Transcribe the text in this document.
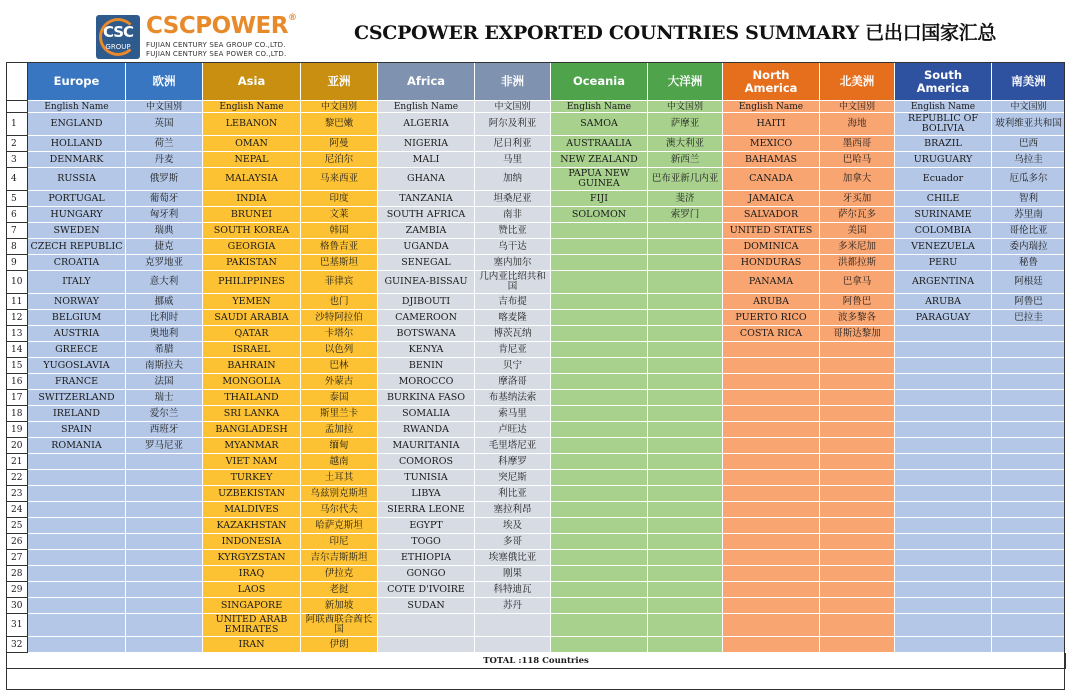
CSC
GROUP
CSCPOWER®
FUJIAN CENTURY SEA GROUP CO.,LTD.
FUJIAN CENTURY SEA POWER CO.,LTD.
CSCPOWER EXPORTED COUNTRIES SUMMARY 已出口国家汇总
	Europe	欧洲	Asia	亚洲	Africa	非洲	Oceania	大洋洲	North America	北美洲	South America	南美洲
	English Name	中文国别	English Name	中文国别	English Name	中文国别	English Name	中文国别	English Name	中文国别	English Name	中文国别
1	ENGLAND	英国	LEBANON	黎巴嫩	ALGERIA	阿尔及利亚	SAMOA	萨摩亚	HAITI	海地	REPUBLIC OF BOLIVIA	玻利维亚共和国
2	HOLLAND	荷兰	OMAN	阿曼	NIGERIA	尼日利亚	AUSTRAALIA	澳大利亚	MEXICO	墨西哥	BRAZIL	巴西
3	DENMARK	丹麦	NEPAL	尼泊尔	MALI	马里	NEW ZEALAND	新西兰	BAHAMAS	巴哈马	URUGUARY	乌拉圭
4	RUSSIA	俄罗斯	MALAYSIA	马来西亚	GHANA	加纳	PAPUA NEW GUINEA	巴布亚新几内亚	CANADA	加拿大	Ecuador	厄瓜多尔
5	PORTUGAL	葡萄牙	INDIA	印度	TANZANIA	坦桑尼亚	FIJI	斐济	JAMAICA	牙买加	CHILE	智利
6	HUNGARY	匈牙利	BRUNEI	文莱	SOUTH AFRICA	南非	SOLOMON	索罗门	SALVADOR	萨尔瓦多	SURINAME	苏里南
7	SWEDEN	瑞典	SOUTH KOREA	韩国	ZAMBIA	赞比亚			UNITED STATES	美国	COLOMBIA	哥伦比亚
8	CZECH REPUBLIC	捷克	GEORGIA	格鲁吉亚	UGANDA	乌干达			DOMINICA	多米尼加	VENEZUELA	委内瑞拉
9	CROATIA	克罗地亚	PAKISTAN	巴基斯坦	SENEGAL	塞内加尔			HONDURAS	洪都拉斯	PERU	秘鲁
10	ITALY	意大利	PHILIPPINES	菲律宾	GUINEA-BISSAU	几内亚比绍共和国			PANAMA	巴拿马	ARGENTINA	阿根廷
11	NORWAY	挪威	YEMEN	也门	DJIBOUTI	吉布提			ARUBA	阿鲁巴	ARUBA	阿鲁巴
12	BELGIUM	比利时	SAUDI ARABIA	沙特阿拉伯	CAMEROON	喀麦隆			PUERTO RICO	波多黎各	PARAGUAY	巴拉圭
13	AUSTRIA	奥地利	QATAR	卡塔尔	BOTSWANA	博茨瓦纳			COSTA RICA	哥斯达黎加		
14	GREECE	希腊	ISRAEL	以色列	KENYA	肯尼亚						
15	YUGOSLAVIA	南斯拉夫	BAHRAIN	巴林	BENIN	贝宁						
16	FRANCE	法国	MONGOLIA	外蒙古	MOROCCO	摩洛哥						
17	SWITZERLAND	瑞士	THAILAND	泰国	BURKINA FASO	布基纳法索						
18	IRELAND	爱尔兰	SRI LANKA	斯里兰卡	SOMALIA	索马里						
19	SPAIN	西班牙	BANGLADESH	孟加拉	RWANDA	卢旺达						
20	ROMANIA	罗马尼亚	MYANMAR	缅甸	MAURITANIA	毛里塔尼亚						
21			VIET NAM	越南	COMOROS	科摩罗						
22			TURKEY	土耳其	TUNISIA	突尼斯						
23			UZBEKISTAN	乌兹别克斯坦	LIBYA	利比亚						
24			MALDIVES	马尔代夫	SIERRA LEONE	塞拉利昂						
25			KAZAKHSTAN	哈萨克斯坦	EGYPT	埃及						
26			INDONESIA	印尼	TOGO	多哥						
27			KYRGYZSTAN	吉尔吉斯斯坦	ETHIOPIA	埃塞俄比亚						
28			IRAQ	伊拉克	GONGO	刚果						
29			LAOS	老挝	COTE D'IVOIRE	科特迪瓦						
30			SINGAPORE	新加坡	SUDAN	苏丹						
31			UNITED ARAB EMIRATES	阿联酋联合酋长国								
32			IRAN	伊朗								
TOTAL :118 Countries												
